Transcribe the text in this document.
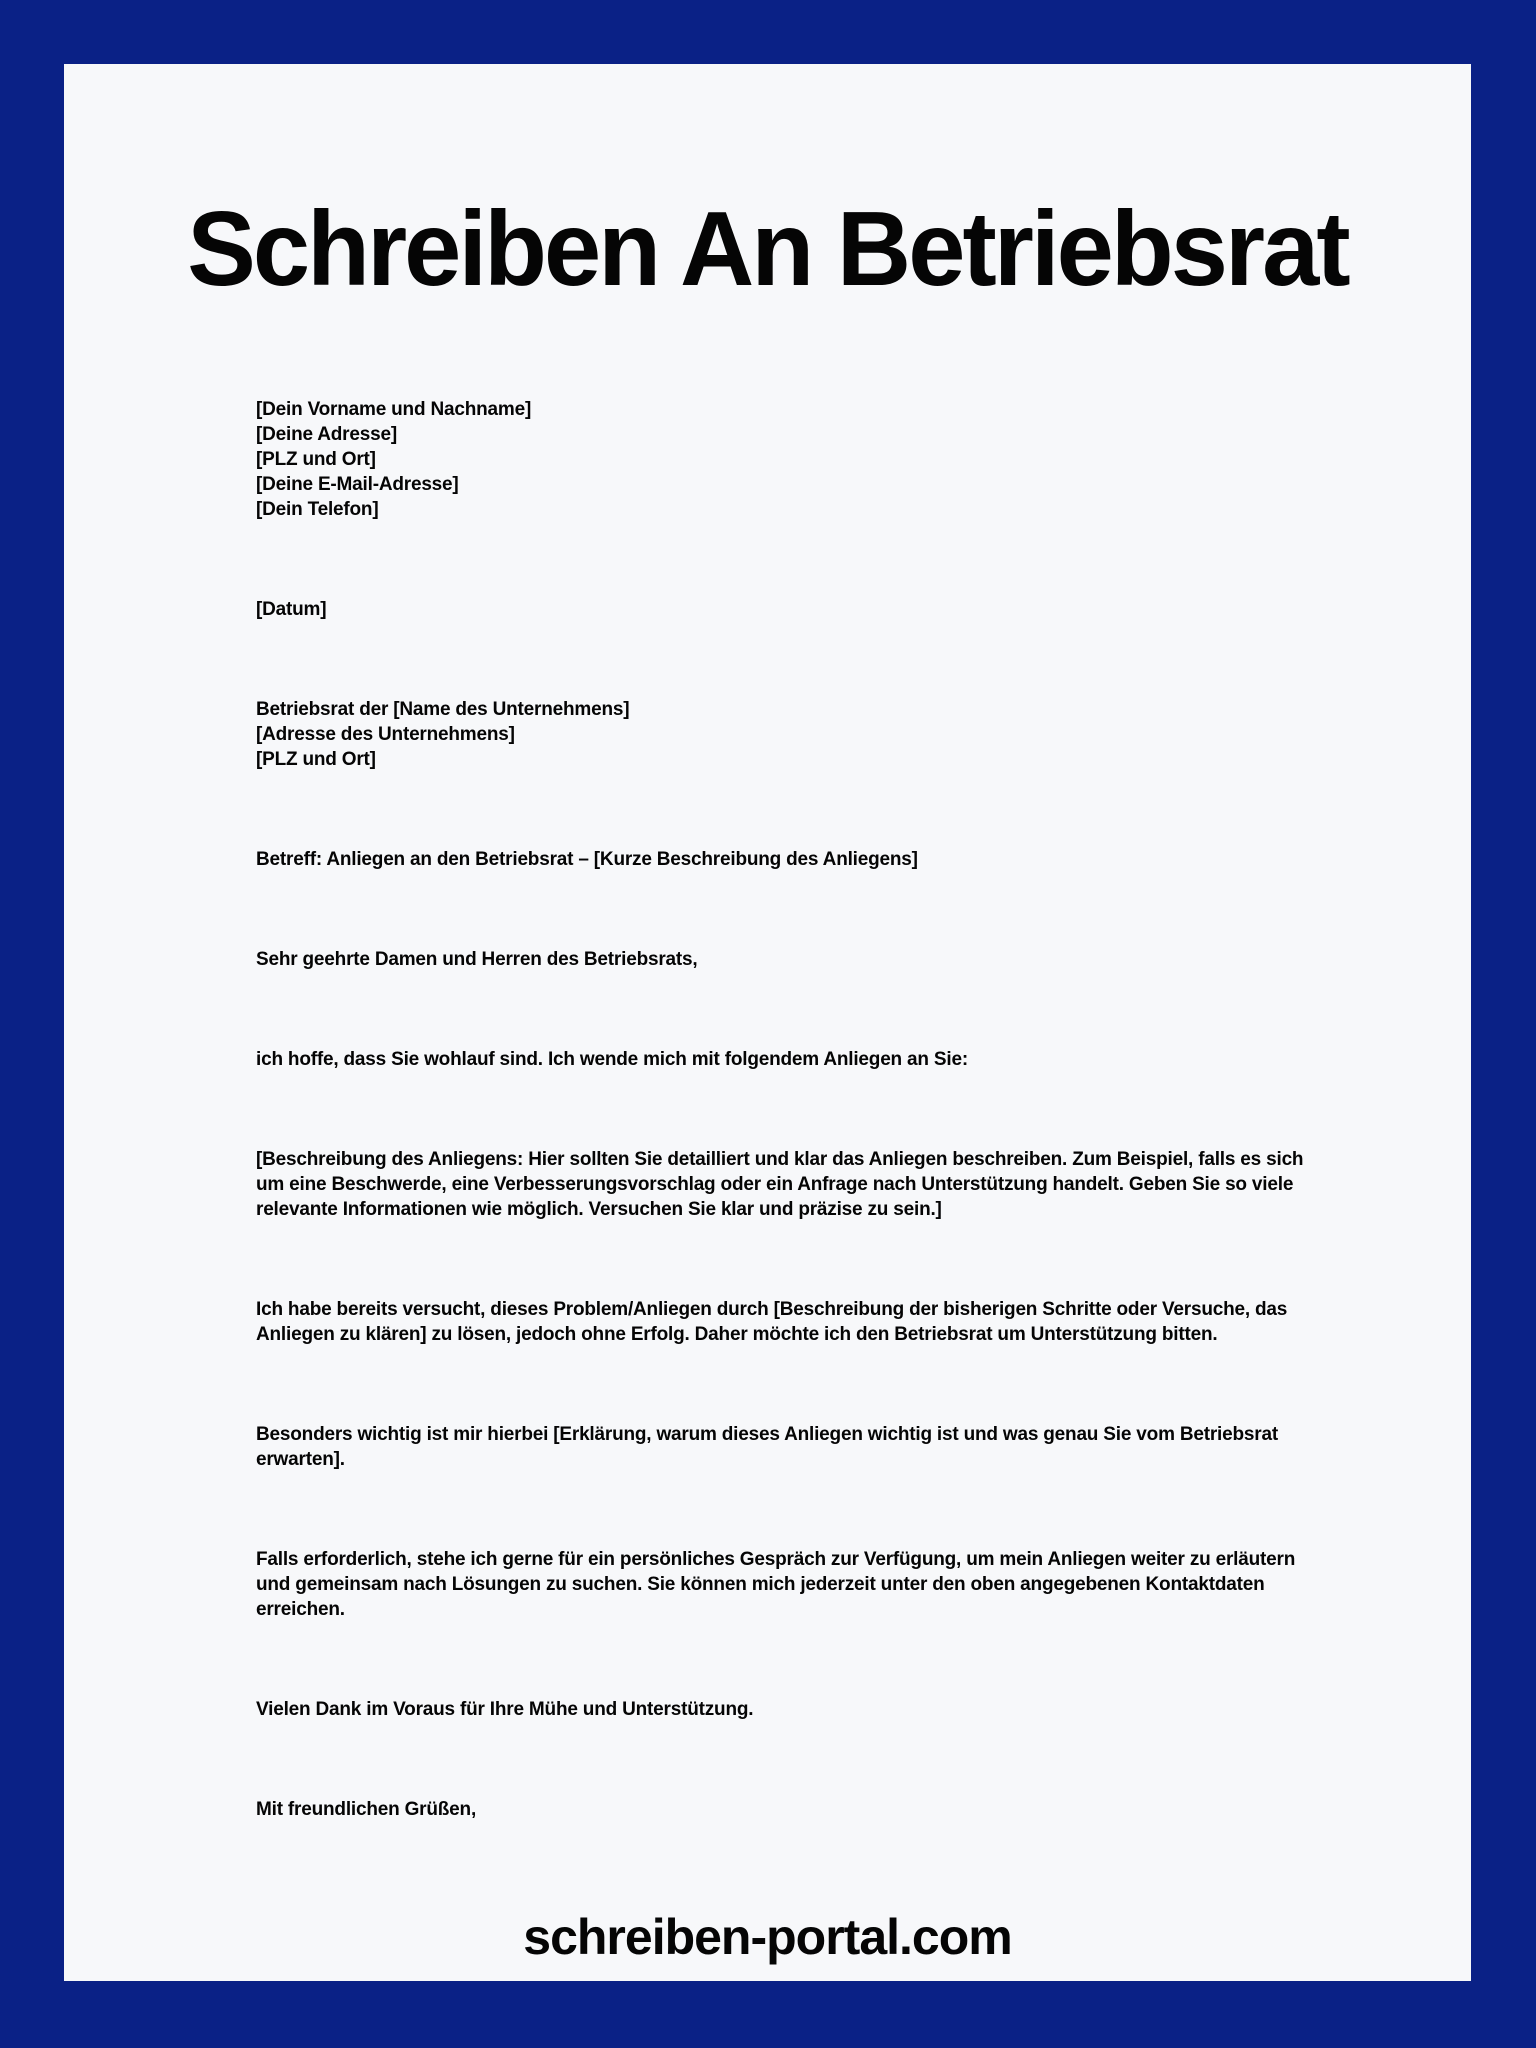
Schreiben An Betriebsrat
[Dein Vorname und Nachname]
[Deine Adresse]
[PLZ und Ort]
[Deine E-Mail-Adresse]
[Dein Telefon]
[Datum]
Betriebsrat der [Name des Unternehmens]
[Adresse des Unternehmens]
[PLZ und Ort]
Betreff: Anliegen an den Betriebsrat – [Kurze Beschreibung des Anliegens]
Sehr geehrte Damen und Herren des Betriebsrats,
ich hoffe, dass Sie wohlauf sind. Ich wende mich mit folgendem Anliegen an Sie:
[Beschreibung des Anliegens: Hier sollten Sie detailliert und klar das Anliegen beschreiben. Zum Beispiel, falls es sich um eine Beschwerde, eine Verbesserungsvorschlag oder ein Anfrage nach Unterstützung handelt. Geben Sie so viele relevante Informationen wie möglich. Versuchen Sie klar und präzise zu sein.]
Ich habe bereits versucht, dieses Problem/Anliegen durch [Beschreibung der bisherigen Schritte oder Versuche, das Anliegen zu klären] zu lösen, jedoch ohne Erfolg. Daher möchte ich den Betriebsrat um Unterstützung bitten.
Besonders wichtig ist mir hierbei [Erklärung, warum dieses Anliegen wichtig ist und was genau Sie vom Betriebsrat erwarten].
Falls erforderlich, stehe ich gerne für ein persönliches Gespräch zur Verfügung, um mein Anliegen weiter zu erläutern und gemeinsam nach Lösungen zu suchen. Sie können mich jederzeit unter den oben angegebenen Kontaktdaten erreichen.
Vielen Dank im Voraus für Ihre Mühe und Unterstützung.
Mit freundlichen Grüßen,
schreiben-portal.com
